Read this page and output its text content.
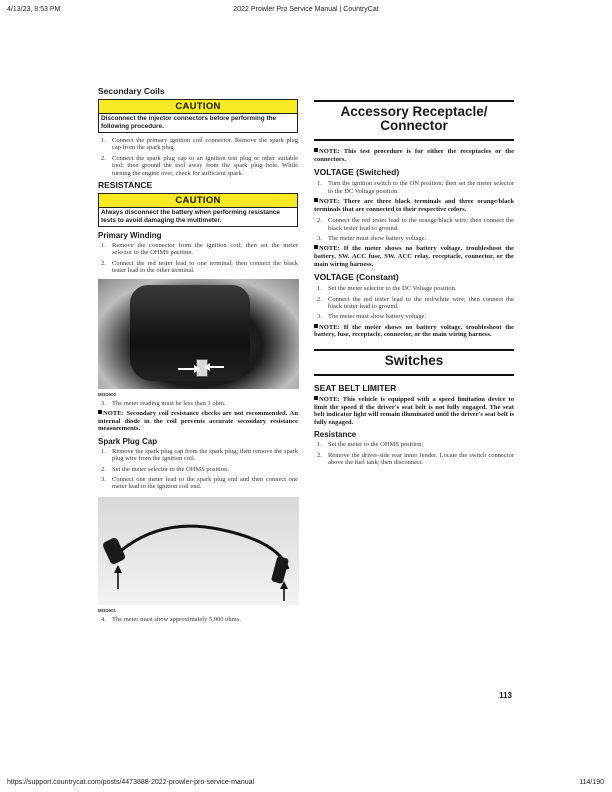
4/13/23, 8:53 PM	2022 Prowler Pro Service Manual | CountryCat
Secondary Coils
CAUTION
Disconnect the injector connectors before performing the following procedure.
1. Connect the primary ignition coil connector. Remove the spark plug cap from the spark plug.
2. Connect the spark plug cap to an ignition test plug or other suitable tool; then ground the tool away from the spark plug hole. While turning the engine over, check for sufficient spark.
RESISTANCE
CAUTION
Always disconnect the battery when performing resistance tests to avoid damaging the multimeter.
Primary Winding
1. Remove the connector from the ignition coil; then set the meter selector to the OHMS position.
2. Connect the red tester lead to one terminal; then connect the black tester lead to the other terminal.
MOD500
3. The meter reading must be less than 1 ohm.
NOTE: Secondary coil resistance checks are not recommended. An internal diode in the coil prevents accurate secondary resistance measurements.
Spark Plug Cap
1. Remove the spark plug cap from the spark plug; then remove the spark plug wire from the ignition coil.
2. Set the meter selector to the OHMS position.
3. Connect one meter lead to the spark plug end and then connect one meter lead to the ignition coil end.
MOD501
4. The meter must show approximately 5,000 ohms.
Accessory Receptacle/ Connector
NOTE: This test procedure is for either the receptacles or the connectors.
VOLTAGE (Switched)
1. Turn the ignition switch to the ON position; then set the meter selector to the DC Voltage position.
NOTE: There are three black terminals and three orange/black terminals that are connected to their respective colors.
2. Connect the red tester lead to the orange/black wire; then connect the black tester lead to ground.
3. The meter must show battery voltage.
NOTE: If the meter shows no battery voltage, troubleshoot the battery, SW. ACC fuse, SW. ACC relay, receptacle, connector, or the main wiring harness.
VOLTAGE (Constant)
1. Set the meter selector to the DC Voltage position.
2. Connect the red tester lead to the red/white wire; then connect the black tester lead to ground.
3. The meter must show battery voltage.
NOTE: If the meter shows no battery voltage, troubleshoot the battery, fuse, receptacle, connector, or the main wiring harness.
Switches
SEAT BELT LIMITER
NOTE: This vehicle is equipped with a speed limitation device to limit the speed if the driver's seat belt is not fully engaged. The seat belt indicator light will remain illuminated until the driver's seat belt is fully engaged.
Resistance
1. Set the meter to the OHMS position.
2. Remove the driver-side rear inner fender. Locate the switch connector above the fuel tank; then disconnect.
113
https://support.countrycat.com/posts/4473888-2022-prowler-pro-service-manual	114/190
